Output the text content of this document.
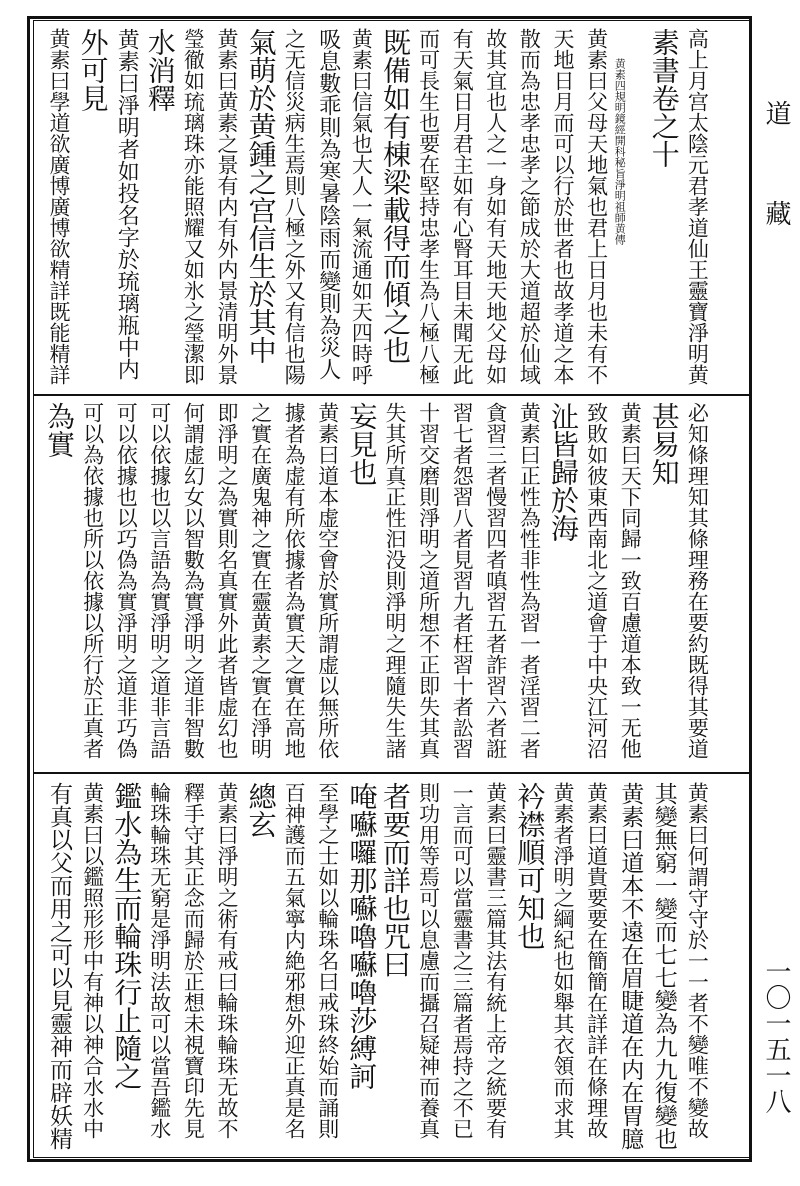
道
藏
一〇一五一八
高上月宫太陰元君孝道仙王靈寶淨明黄
素書卷之十
黄素四規明鏡經開科秘旨淨明祖師黄傳
黄素曰父母天地氣也君上日月也未有不
天地日月而可以行於世者也故孝道之本
散而為忠孝忠孝之節成於大道超於仙域
故其宜也人之一身如有天地天地父母如
有天氣日月君主如有心腎耳目未聞无此
而可長生也要在堅持忠孝生為八極八極
既備如有棟梁載得而傾之也
黄素曰信氣也大人一氣流通如天四時呼
吸息數乖則為寒暑陰雨而變則為災人
之无信災病生焉則八極之外又有信也陽
氣萌於黄鍾之宫信生於其中
黄素曰黄素之景有内有外内景清明外景
瑩徹如琉璃珠亦能照耀又如氷之瑩潔即
水消釋
黄素曰淨明者如投名字於琉璃瓶中内
外可見
黄素曰學道欲廣博廣博欲精詳既能精詳
必知條理知其條理務在要約既得其要道
甚易知
黄素曰天下同歸一致百慮道本致一无他
致敗如彼東西南北之道會于中央江河沼
沚皆歸於海
黄素曰正性為性非性為習一者淫習二者
貪習三者慢習四者嗔習五者詐習六者誑
習七者怨習八者見習九者枉習十者訟習
十習交磨則淨明之道所想不正即失其真
失其所真正性汩没則淨明之理隨失生諸
妄見也
黄素曰道本虚空會於實所謂虚以無所依
據者為虚有所依據者為實天之實在高地
之實在廣鬼神之實在靈黄素之實在淨明
即淨明之為實則名真實外此者皆虚幻也
何謂虚幻女以智數為實淨明之道非智數
可以依據也以言語為實淨明之道非言語
可以依據也以巧偽為實淨明之道非巧偽
可以為依據也所以依據以所行於正真者
黄素曰何謂守守於一一者不變唯不變故
其變無窮一變而七七變為九九復變也
黄素曰道本不遠在眉睫道在内在胃臆
黄素曰道貴要要在簡簡在詳詳在條理故
黄素者淨明之綱紀也如舉其衣領而求其
衿襟順可知也
黄素曰靈書三篇其法有統上帝之統要有
一言而可以當靈書之三篇者焉持之不已
則功用等焉可以息慮而攝召疑神而養真
者要而詳也咒曰
唵囌囉那囌嚕囌嚕莎縛訶
至學之士如以輪珠名曰戒珠終始而誦則
百神護而五氣寧内絶邪想外迎正真是名
總玄
黄素曰淨明之術有戒曰輪珠輪珠无故不
釋手守其正念而歸於正想未視寶印先見
輪珠輪珠无窮是淨明法故可以當吾鑑水
鑑水為生而輪珠行止隨之
黄素曰以鑑照形形中有神以神合水水中
為實
有真以父而用之可以見靈神而辟妖精
